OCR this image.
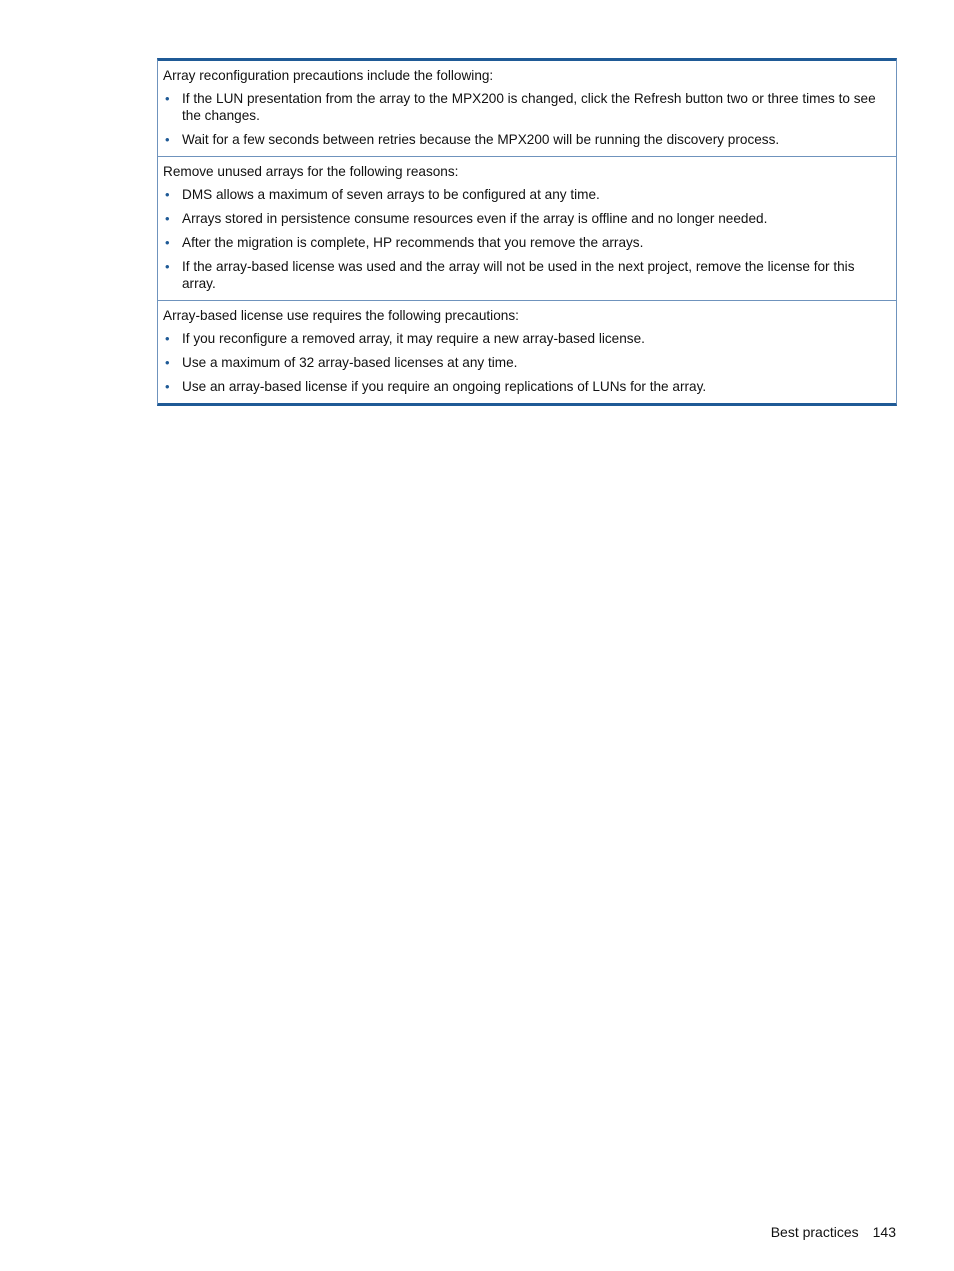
Array reconfiguration precautions include the following:

• If the LUN presentation from the array to the MPX200 is changed, click the Refresh button two or three times to see the changes.
• Wait for a few seconds between retries because the MPX200 will be running the discovery process.

Remove unused arrays for the following reasons:

• DMS allows a maximum of seven arrays to be configured at any time.
• Arrays stored in persistence consume resources even if the array is offline and no longer needed.
• After the migration is complete, HP recommends that you remove the arrays.
• If the array-based license was used and the array will not be used in the next project, remove the license for this array.

Array-based license use requires the following precautions:

• If you reconfigure a removed array, it may require a new array-based license.
• Use a maximum of 32 array-based licenses at any time.
• Use an array-based license if you require an ongoing replications of LUNs for the array.
Best practices 143
